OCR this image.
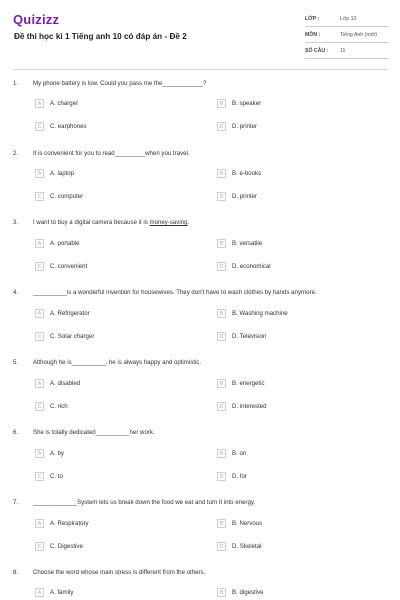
Quizizz
Đề thi học kì 1 Tiếng anh 10 có đáp án - Đề 2
LỚP :	Lớp 10
MÔN :	Tiếng Anh (mới)
SỐ CÂU : 11
1. My phone battery is low. Could you pass me the____________?
A	A. charger	B	B. speaker
C	C. earphones	D	D. printer
2. It is convenient for you to read_________when you travel.
A	A. laptop	B	B. e-books
C	C. computer	D	D. printer
3. I want to buy a digital camera because it is money-saving.
A	A. portable	B	B. versatile
C	C. convenient	D	D. economical
4. __________is a wonderful invention for housewives. They don't have to wash clothes by hands anymore.
A	A. Refrigerator	B	B. Washing machine
C	C. Solar charger	D	D. Television
5. Although he is__________, he is always happy and optimistic.
A	A. disabled	B	B. energetic
C	C. rich	D	D. interested
6. She is totally dedicated__________her work.
A	A. by	B	B. on
C	C. to	D	D. for
7. _____________System lets us break down the food we eat and turn it into energy.
A	A. Respiratory	B	B. Nervous
C	C. Digestive	D	D. Skeletal
8. Choose the word whose main stress is different from the others.
A	A. family	B	B. digestive
